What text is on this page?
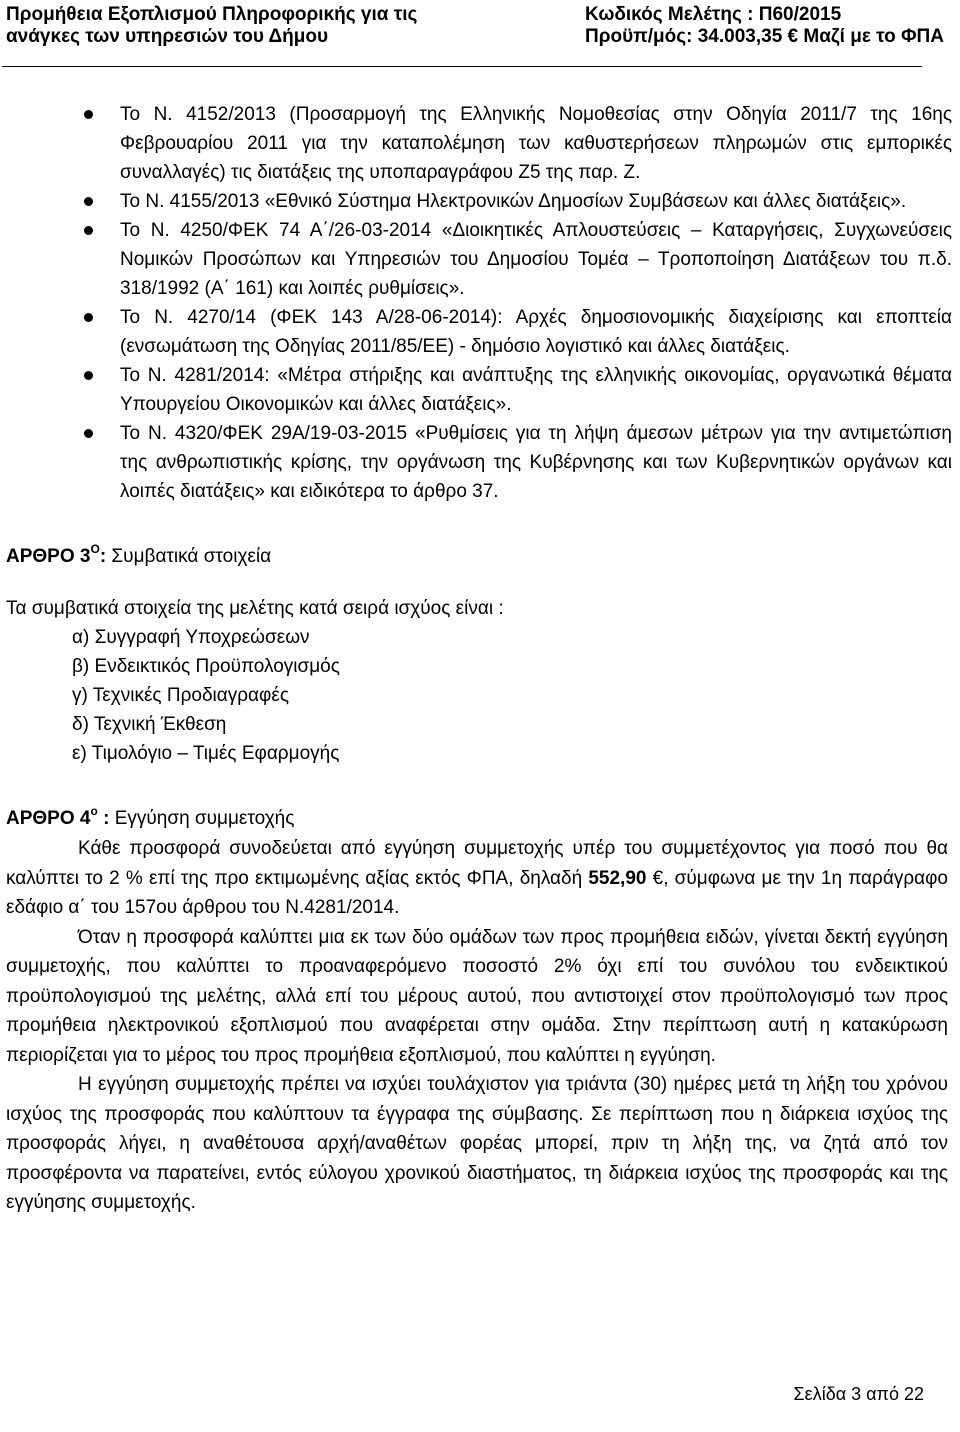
Προμήθεια Εξοπλισμού Πληροφορικής για τις
ανάγκες των υπηρεσιών του Δήμου
Κωδικός Μελέτης : Π60/2015
Προϋπ/μός: 34.003,35 € Μαζί με το ΦΠΑ
Το Ν. 4152/2013 (Προσαρμογή της Ελληνικής Νομοθεσίας στην Οδηγία 2011/7 της 16ης Φεβρουαρίου 2011 για την καταπολέμηση των καθυστερήσεων πληρωμών στις εμπορικές συναλλαγές) τις διατάξεις της υποπαραγράφου Ζ5 της παρ. Ζ.
Το Ν. 4155/2013 «Εθνικό Σύστημα Ηλεκτρονικών Δημοσίων Συμβάσεων και άλλες διατάξεις».
Το Ν. 4250/ΦΕΚ 74 Α΄/26-03-2014 «Διοικητικές Απλουστεύσεις – Καταργήσεις, Συγχωνεύσεις Νομικών Προσώπων και Υπηρεσιών του Δημοσίου Τομέα – Τροποποίηση Διατάξεων του π.δ. 318/1992 (Α΄ 161) και λοιπές ρυθμίσεις».
Το Ν. 4270/14 (ΦΕΚ 143 Α/28-06-2014): Αρχές δημοσιονομικής διαχείρισης και εποπτεία (ενσωμάτωση της Οδηγίας 2011/85/ΕΕ) - δημόσιο λογιστικό και άλλες διατάξεις.
Το Ν. 4281/2014: «Μέτρα στήριξης και ανάπτυξης της ελληνικής οικονομίας, οργανωτικά θέματα Υπουργείου Οικονομικών και άλλες διατάξεις».
Το Ν. 4320/ΦΕΚ 29Α/19-03-2015 «Ρυθμίσεις για τη λήψη άμεσων μέτρων για την αντιμετώπιση της ανθρωπιστικής κρίσης, την οργάνωση της Κυβέρνησης και των Κυβερνητικών οργάνων και λοιπές διατάξεις» και ειδικότερα το άρθρο 37.
ΑΡΘΡΟ $3^O$: Συμβατικά στοιχεία
Τα συμβατικά στοιχεία της μελέτης κατά σειρά ισχύος είναι :
α) Συγγραφή Υποχρεώσεων
β) Ενδεικτικός Προϋπολογισμός
γ) Τεχνικές Προδιαγραφές
δ) Τεχνική Έκθεση
ε) Τιμολόγιο – Τιμές Εφαρμογής
ΑΡΘΡΟ $4^o$ : Εγγύηση συμμετοχής
Κάθε προσφορά συνοδεύεται από εγγύηση συμμετοχής υπέρ του συμμετέχοντος για ποσό που θα καλύπτει το 2 % επί της προ εκτιμωμένης αξίας εκτός ΦΠΑ, δηλαδή 552,90 €, σύμφωνα με την 1η παράγραφο εδάφιο α΄ του 157ου άρθρου του Ν.4281/2014.
Όταν η προσφορά καλύπτει μια εκ των δύο ομάδων των προς προμήθεια ειδών, γίνεται δεκτή εγγύηση συμμετοχής, που καλύπτει το προαναφερόμενο ποσοστό 2% όχι επί του συνόλου του ενδεικτικού προϋπολογισμού της μελέτης, αλλά επί του μέρους αυτού, που αντιστοιχεί στον προϋπολογισμό των προς προμήθεια ηλεκτρονικού εξοπλισμού που αναφέρεται στην ομάδα. Στην περίπτωση αυτή η κατακύρωση περιορίζεται για το μέρος του προς προμήθεια εξοπλισμού, που καλύπτει η εγγύηση.
Η εγγύηση συμμετοχής πρέπει να ισχύει τουλάχιστον για τριάντα (30) ημέρες μετά τη λήξη του χρόνου ισχύος της προσφοράς που καλύπτουν τα έγγραφα της σύμβασης. Σε περίπτωση που η διάρκεια ισχύος της προσφοράς λήγει, η αναθέτουσα αρχή/αναθέτων φορέας μπορεί, πριν τη λήξη της, να ζητά από τον προσφέροντα να παρατείνει, εντός εύλογου χρονικού διαστήματος, τη διάρκεια ισχύος της προσφοράς και της εγγύησης συμμετοχής.
Σελίδα 3 από 22
